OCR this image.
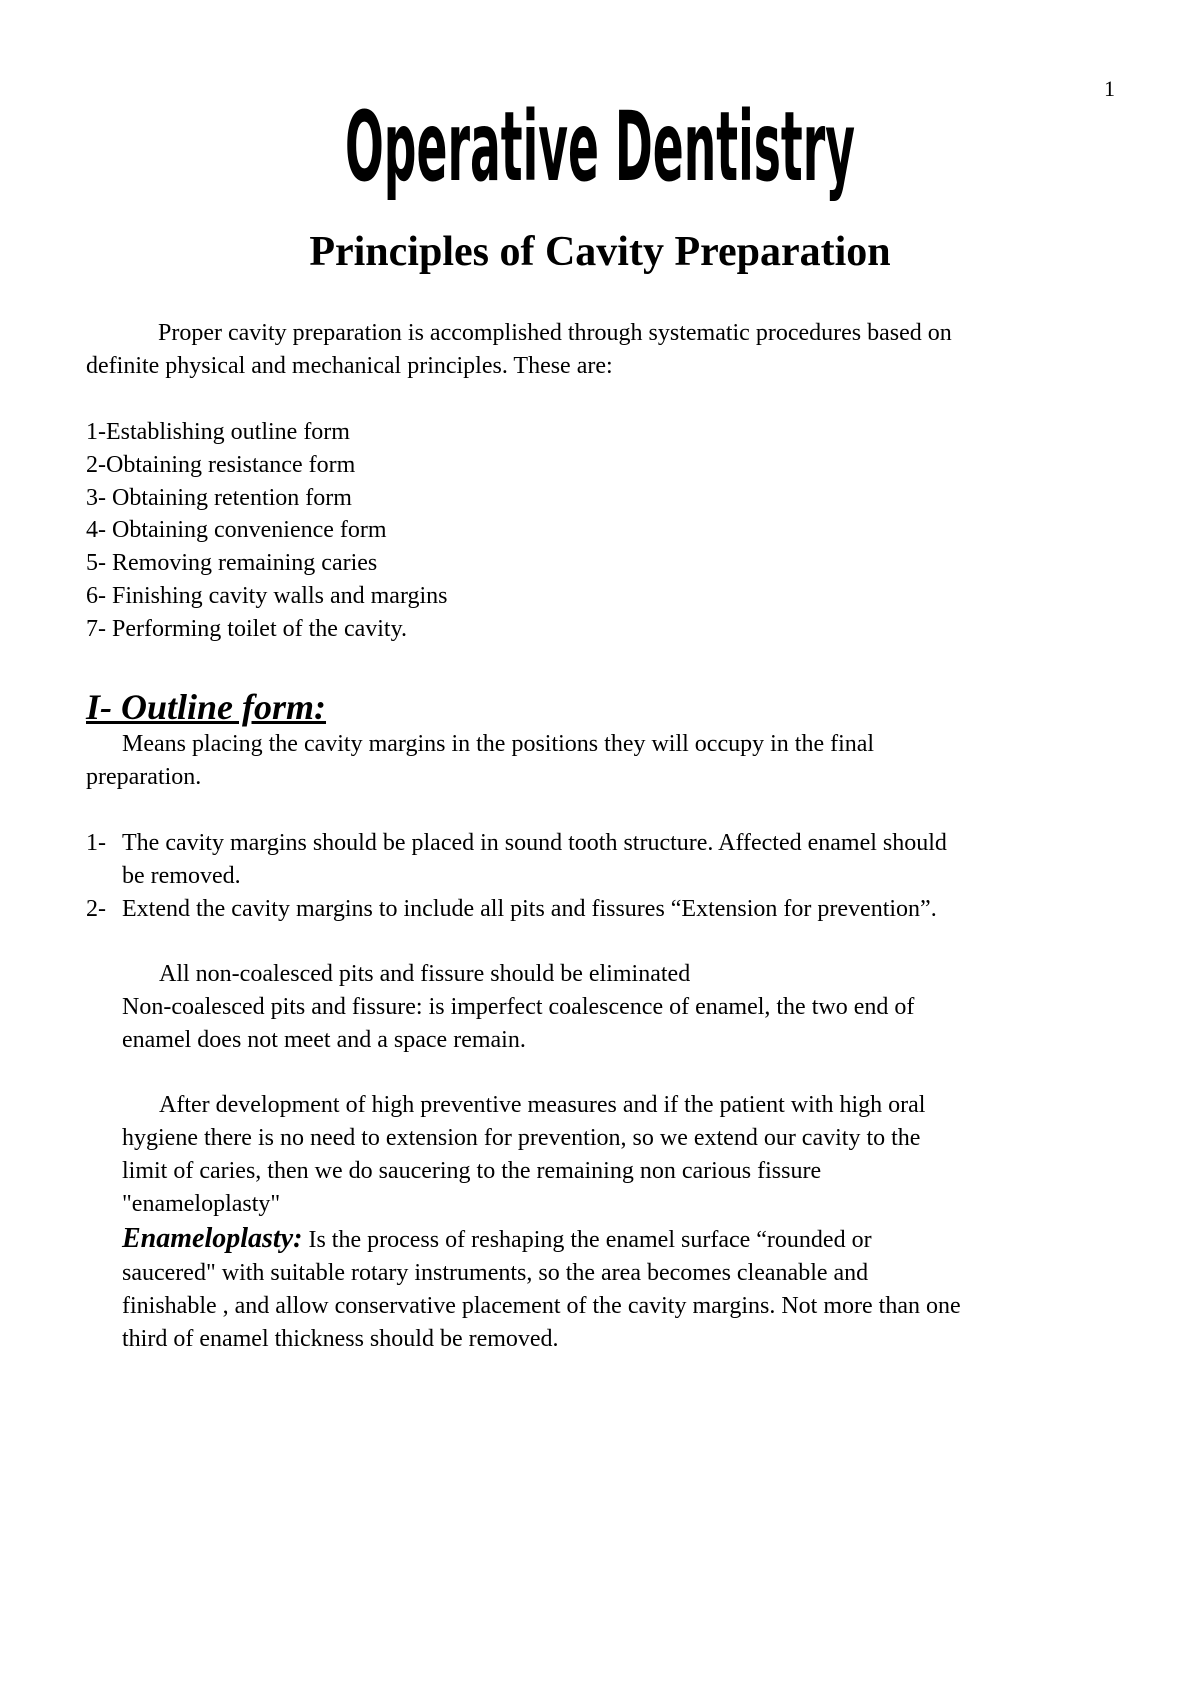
1
Operative Dentistry
Principles of Cavity Preparation
Proper cavity preparation is accomplished through systematic procedures based on
definite physical and mechanical principles. These are:
1-Establishing outline form
2-Obtaining resistance form
3- Obtaining retention form
4- Obtaining convenience form
5- Removing remaining caries
6- Finishing cavity walls and margins
7- Performing toilet of the cavity.
I- Outline form:
Means placing the cavity margins in the positions they will occupy in the final
preparation.
1- The cavity margins should be placed in sound tooth structure. Affected enamel should
be removed.
2- Extend the cavity margins to include all pits and fissures “Extension for prevention”.
All non-coalesced pits and fissure should be eliminated
Non-coalesced pits and fissure: is imperfect coalescence of enamel, the two end of
enamel does not meet and a space remain.
After development of high preventive measures and if the patient with high oral
hygiene there is no need to extension for prevention, so we extend our cavity to the
limit of caries, then we do saucering to the remaining non carious fissure
"enameloplasty"
Enameloplasty: Is the process of reshaping the enamel surface “rounded or
saucered" with suitable rotary instruments, so the area becomes cleanable and
finishable , and allow conservative placement of the cavity margins. Not more than one
third of enamel thickness should be removed.
